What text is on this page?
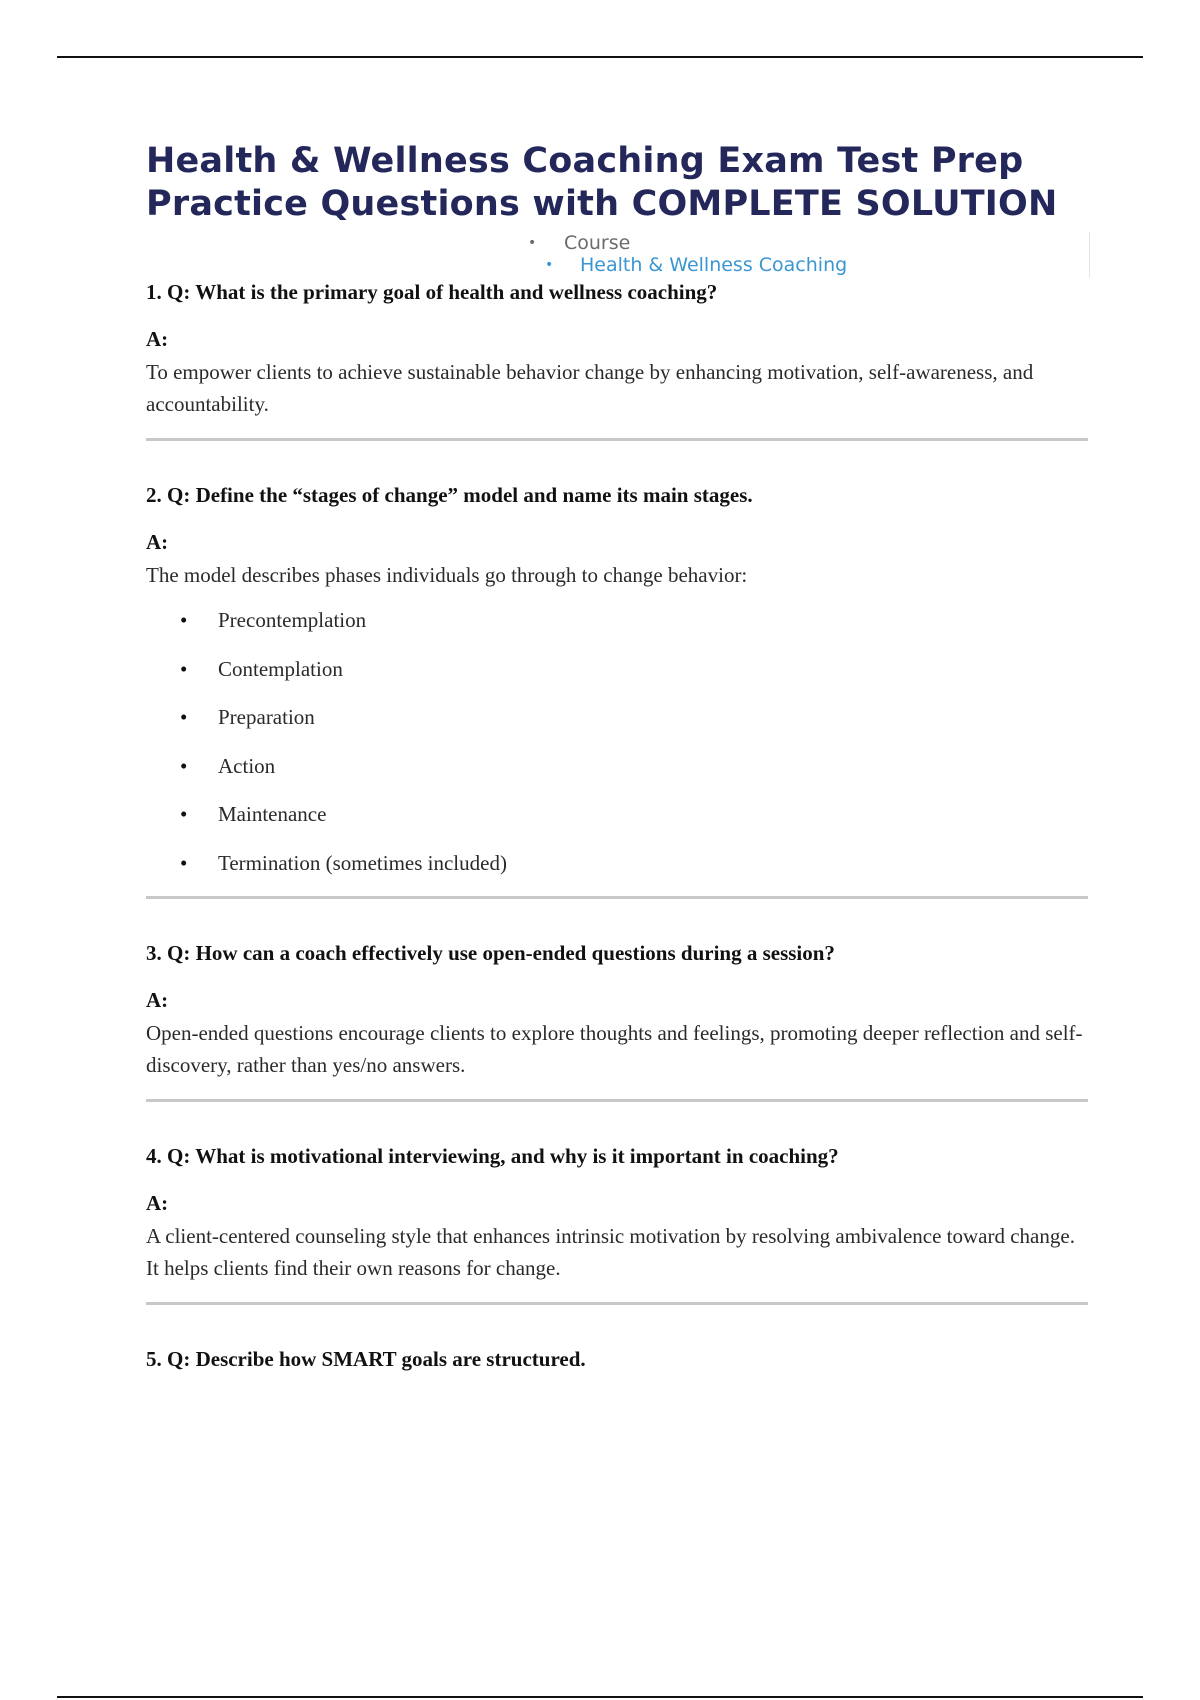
Health & Wellness Coaching Exam Test Prep Practice Questions with COMPLETE SOLUTION
• Course
• Health & Wellness Coaching

1. Q: What is the primary goal of health and wellness coaching?

A:

To empower clients to achieve sustainable behavior change by enhancing motivation, self-awareness, and accountability.

2. Q: Define the “stages of change” model and name its main stages.

A:

The model describes phases individuals go through to change behavior:

• Precontemplation
• Contemplation
• Preparation
• Action
• Maintenance
• Termination (sometimes included)

3. Q: How can a coach effectively use open-ended questions during a session?

A:

Open-ended questions encourage clients to explore thoughts and feelings, promoting deeper reflection and self-discovery, rather than yes/no answers.

4. Q: What is motivational interviewing, and why is it important in coaching?

A:

A client-centered counseling style that enhances intrinsic motivation by resolving ambivalence toward change. It helps clients find their own reasons for change.

5. Q: Describe how SMART goals are structured.
